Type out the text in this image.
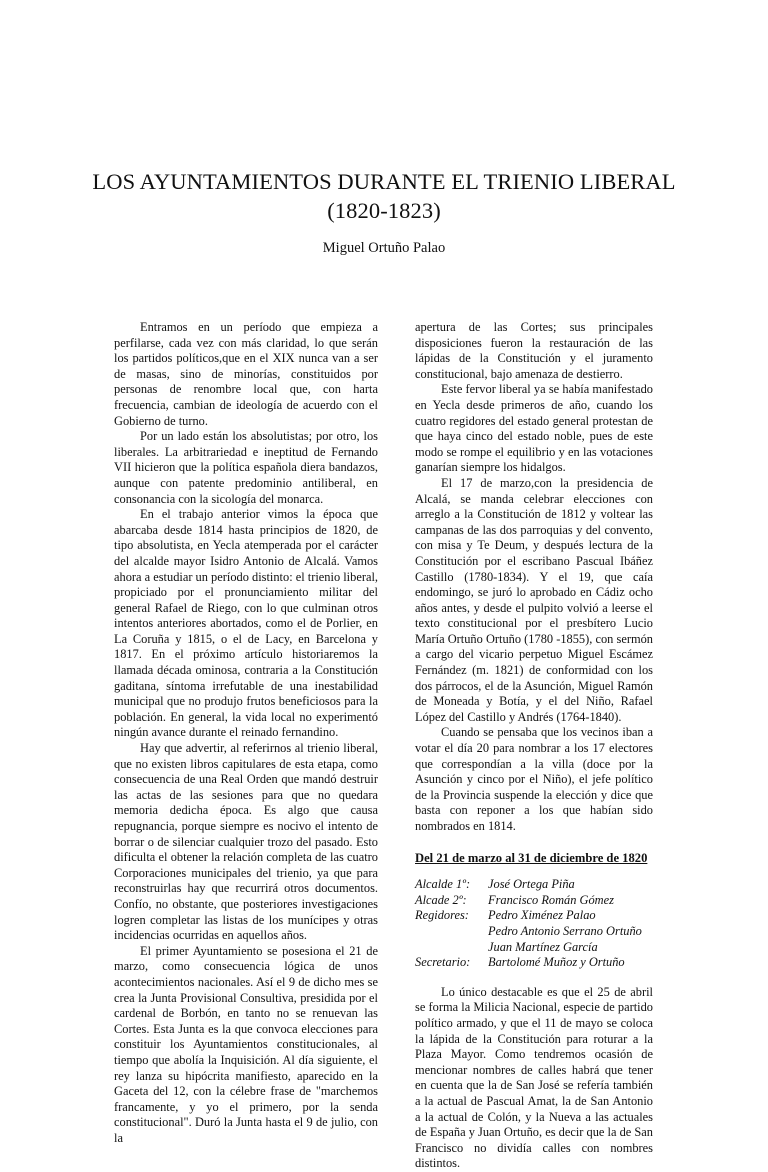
LOS AYUNTAMIENTOS DURANTE EL TRIENIO LIBERAL
(1820-1823)
Miguel Ortuño Palao

Entramos en un período que empieza a perfilarse, cada vez con más claridad, lo que serán los partidos políticos,que en el XIX nunca van a ser de masas, sino de minorías, constituidos por personas de renombre local que, con harta frecuencia, cambian de ideología de acuerdo con el Gobierno de turno.

Por un lado están los absolutistas; por otro, los liberales. La arbitrariedad e ineptitud de Fernando VII hicieron que la política española diera bandazos, aunque con patente predominio antiliberal, en consonancia con la sicología del monarca.

En el trabajo anterior vimos la época que abarcaba desde 1814 hasta principios de 1820, de tipo absolutista, en Yecla atemperada por el carácter del alcalde mayor Isidro Antonio de Alcalá. Vamos ahora a estudiar un período distinto: el trienio liberal, propiciado por el pronunciamiento militar del general Rafael de Riego, con lo que culminan otros intentos anteriores abortados, como el de Porlier, en La Coruña y 1815, o el de Lacy, en Barcelona y 1817. En el próximo artículo historiaremos la llamada década ominosa, contraria a la Constitución gaditana, síntoma irrefutable de una inestabilidad municipal que no produjo frutos beneficiosos para la población. En general, la vida local no experimentó ningún avance durante el reinado fernandino.

Hay que advertir, al referirnos al trienio liberal, que no existen libros capitulares de esta etapa, como consecuencia de una Real Orden que mandó destruir las actas de las sesiones para que no quedara memoria dedicha época. Es algo que causa repugnancia, porque siempre es nocivo el intento de borrar o de silenciar cualquier trozo del pasado. Esto dificulta el obtener la relación completa de las cuatro Corporaciones municipales del trienio, ya que para reconstruirlas hay que recurrirá otros documentos. Confío, no obstante, que posteriores investigaciones logren completar las listas de los munícipes y otras incidencias ocurridas en aquellos años.

El primer Ayuntamiento se posesiona el 21 de marzo, como consecuencia lógica de unos acontecimientos nacionales. Así el 9 de dicho mes se crea la Junta Provisional Consultiva, presidida por el cardenal de Borbón, en tanto no se renuevan las Cortes. Esta Junta es la que convoca elecciones para constituir los Ayuntamientos constitucionales, al tiempo que abolía la Inquisición. Al día siguiente, el rey lanza su hipócrita manifiesto, aparecido en la Gaceta del 12, con la célebre frase de "marchemos francamente, y yo el primero, por la senda constitucional". Duró la Junta hasta el 9 de julio, con la

apertura de las Cortes; sus principales disposiciones fueron la restauración de las lápidas de la Constitución y el juramento constitucional, bajo amenaza de destierro.

Este fervor liberal ya se había manifestado en Yecla desde primeros de año, cuando los cuatro regidores del estado general protestan de que haya cinco del estado noble, pues de este modo se rompe el equilibrio y en las votaciones ganarían siempre los hidalgos.

El 17 de marzo,con la presidencia de Alcalá, se manda celebrar elecciones con arreglo a la Constitución de 1812 y voltear las campanas de las dos parroquias y del convento, con misa y Te Deum, y después lectura de la Constitución por el escribano Pascual Ibáñez Castillo (1780-1834). Y el 19, que caía endomingo, se juró lo aprobado en Cádiz ocho años antes, y desde el pulpito volvió a leerse el texto constitucional por el presbítero Lucio María Ortuño Ortuño (1780 -1855), con sermón a cargo del vicario perpetuo Miguel Escámez Fernández (m. 1821) de conformidad con los dos párrocos, el de la Asunción, Miguel Ramón de Moneada y Botía, y el del Niño, Rafael López del Castillo y Andrés (1764-1840).

Cuando se pensaba que los vecinos iban a votar el día 20 para nombrar a los 17 electores que correspondían a la villa (doce por la Asunción y cinco por el Niño), el jefe político de la Provincia suspende la elección y dice que basta con reponer a los que habían sido nombrados en 1814.

Del 21 de marzo al 31 de diciembre de 1820
Alcalde 1º:	José Ortega Piña
Alcade 2º:	Francisco Román Gómez
Regidores:	Pedro Ximénez Palao
Pedro Antonio Serrano Ortuño
Juan Martínez García
Secretario:	Bartolomé Muñoz y Ortuño

Lo único destacable es que el 25 de abril se forma la Milicia Nacional, especie de partido político armado, y que el 11 de mayo se coloca la lápida de la Constitución para roturar a la Plaza Mayor. Como tendremos ocasión de mencionar nombres de calles habrá que tener en cuenta que la de San José se refería también a la actual de Pascual Amat, la de San Antonio a la actual de Colón, y la Nueva a las actuales de España y Juan Ortuño, es decir que la de San Francisco no dividía calles con nombres distintos.
